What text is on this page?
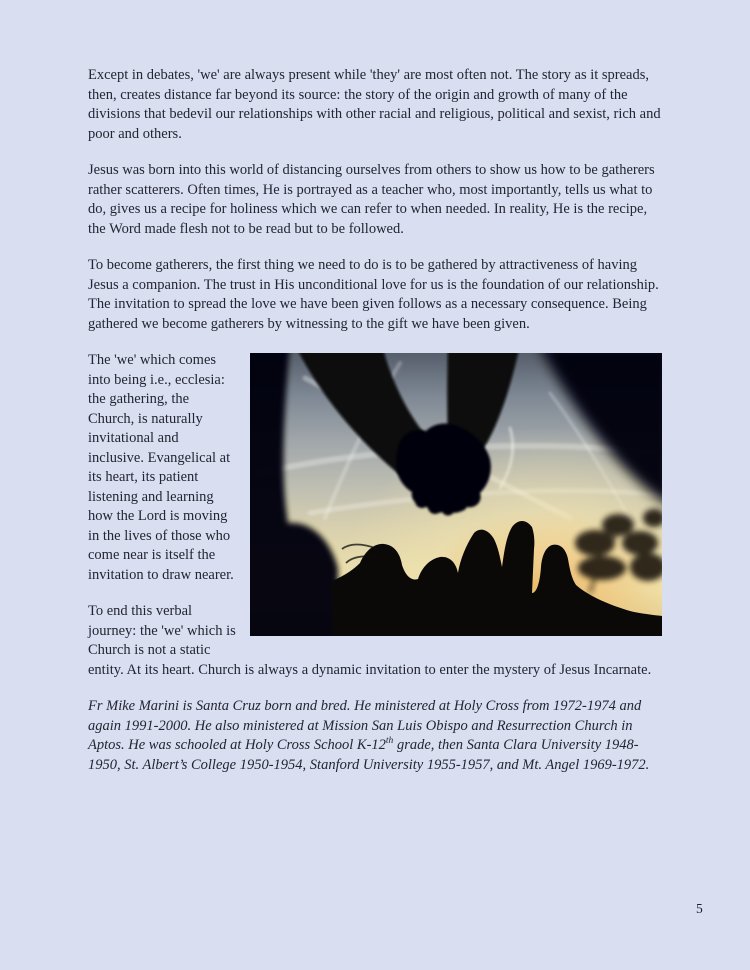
Except in debates, 'we' are always present while 'they' are most often not. The story as it spreads, then, creates distance far beyond its source: the story of the origin and growth of many of the divisions that bedevil our relationships with other racial and religious, political and sexist, rich and poor and others.

Jesus was born into this world of distancing ourselves from others to show us how to be gatherers rather scatterers. Often times, He is portrayed as a teacher who, most importantly, tells us what to do, gives us a recipe for holiness which we can refer to when needed. In reality, He is the recipe, the Word made flesh not to be read but to be followed.

To become gatherers, the first thing we need to do is to be gathered by attractiveness of having Jesus a companion. The trust in His unconditional love for us is the foundation of our relationship. The invitation to spread the love we have been given follows as a necessary consequence. Being gathered we become gatherers by witnessing to the gift we have been given.

The 'we' which comes into being i.e., ecclesia: the gathering, the Church, is naturally invitational and inclusive. Evangelical at its heart, its patient listening and learning how the Lord is moving in the lives of those who come near is itself the invitation to draw nearer.

To end this verbal journey: the 'we' which is Church is not a static entity. At its heart. Church is always a dynamic invitation to enter the mystery of Jesus Incarnate.

Fr Mike Marini is Santa Cruz born and bred. He ministered at Holy Cross from 1972-1974 and again 1991-2000. He also ministered at Mission San Luis Obispo and Resurrection Church in Aptos. He was schooled at Holy Cross School K-12th grade, then Santa Clara University 1948-1950, St. Albert’s College 1950-1954, Stanford University 1955-1957, and Mt. Angel 1969-1972.

5
